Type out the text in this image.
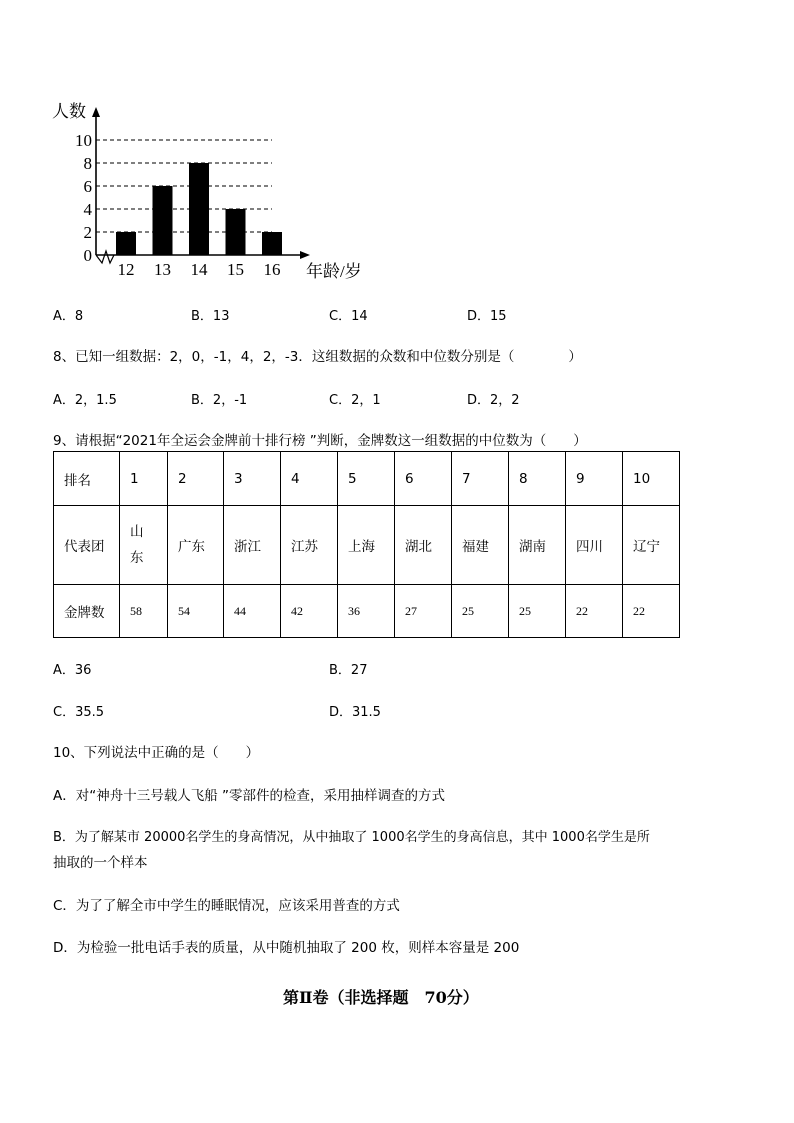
0
2
4
6
8
10
12 13 14 15 16
人数
年龄/岁
A．8	B．13	C．14	D．15
8、已知一组数据：2，0，-1，4，2，-3．这组数据的众数和中位数分别是（　　　　）
A．2，1.5	B．2，-1	C．2，1	D．2，2
9、请根据“2021年全运会金牌前十排行榜 ”判断，金牌数这一组数据的中位数为（　　）
排名	1	2	3	4	5	6	7	8	9	10
代表团	山东	广东	浙江	江苏	上海	湖北	福建	湖南	四川	辽宁
金牌数	58	54	44	42	36	27	25	25	22	22
A．36	B．27
C．35.5	D．31.5
10、下列说法中正确的是（　　）
A．对“神舟十三号载人飞船 ”零部件的检查，采用抽样调查的方式
B．为了解某市 20000名学生的身高情况，从中抽取了 1000名学生的身高信息，其中 1000名学生是所
抽取的一个样本
C．为了了解全市中学生的睡眠情况，应该采用普查的方式
D．为检验一批电话手表的质量，从中随机抽取了 200 枚，则样本容量是 200
第Ⅱ卷（非选择题　70分）
